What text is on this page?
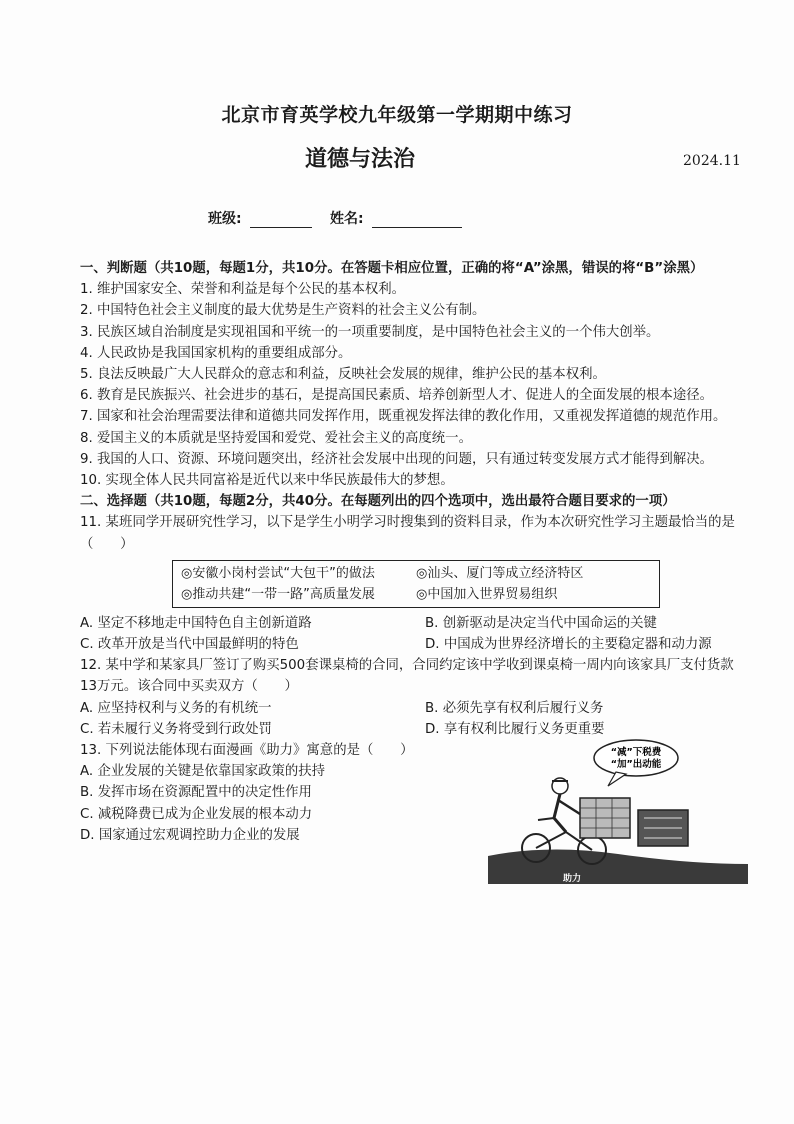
北京市育英学校九年级第一学期期中练习
道德与法治	2024.11
班级:	姓名:

一、判断题（共10题，每题1分，共10分。在答题卡相应位置，正确的将“A”涂黑，错误的将“B”涂黑）

1. 维护国家安全、荣誉和利益是每个公民的基本权利。

2. 中国特色社会主义制度的最大优势是生产资料的社会主义公有制。

3. 民族区域自治制度是实现祖国和平统一的一项重要制度，是中国特色社会主义的一个伟大创举。

4. 人民政协是我国国家机构的重要组成部分。

5. 良法反映最广大人民群众的意志和利益，反映社会发展的规律，维护公民的基本权利。

6. 教育是民族振兴、社会进步的基石，是提高国民素质、培养创新型人才、促进人的全面发展的根本途径。

7. 国家和社会治理需要法律和道德共同发挥作用，既重视发挥法律的教化作用，又重视发挥道德的规范作用。

8. 爱国主义的本质就是坚持爱国和爱党、爱社会主义的高度统一。

9. 我国的人口、资源、环境问题突出，经济社会发展中出现的问题，只有通过转变发展方式才能得到解决。

10. 实现全体人民共同富裕是近代以来中华民族最伟大的梦想。

二、选择题（共10题，每题2分，共40分。在每题列出的四个选项中，选出最符合题目要求的一项）

11. 某班同学开展研究性学习，以下是学生小明学习时搜集到的资料目录，作为本次研究性学习主题最恰当的是（　　）

◎安徽小岗村尝试“大包干”的做法	◎汕头、厦门等成立经济特区
◎推动共建“一带一路”高质量发展	◎中国加入世界贸易组织
A. 坚定不移地走中国特色自主创新道路	B. 创新驱动是决定当代中国命运的关键
C. 改革开放是当代中国最鲜明的特色	D. 中国成为世界经济增长的主要稳定器和动力源

12. 某中学和某家具厂签订了购买500套课桌椅的合同，合同约定该中学收到课桌椅一周内向该家具厂支付货款13万元。该合同中买卖双方（　　）

A. 应坚持权利与义务的有机统一	B. 必须先享有权利后履行义务
C. 若未履行义务将受到行政处罚	D. 享有权利比履行义务更重要

13. 下列说法能体现右面漫画《助力》寓意的是（　　）

A. 企业发展的关键是依靠国家政策的扶持

B. 发挥市场在资源配置中的决定性作用

C. 减税降费已成为企业发展的根本动力

D. 国家通过宏观调控助力企业的发展

“减”下税费
“加”出动能
助力
